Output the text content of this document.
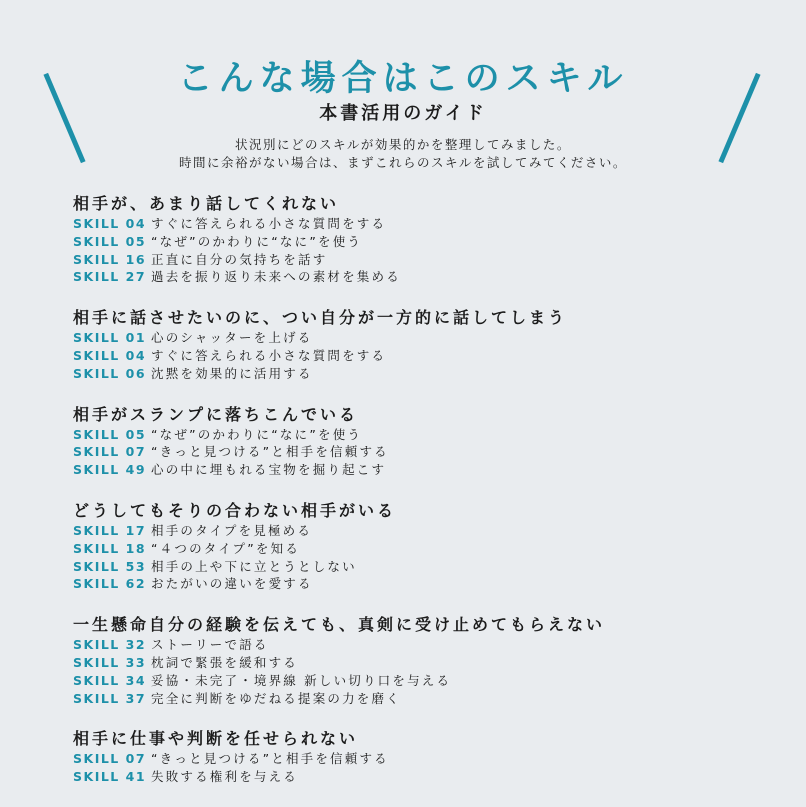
こんな場合はこのスキル
本書活用のガイド
状況別にどのスキルが効果的かを整理してみました。
時間に余裕がない場合は、まずこれらのスキルを試してみてください。
相手が、あまり話してくれない
SKILL 04 すぐに答えられる小さな質問をする
SKILL 05 “なぜ”のかわりに“なに”を使う
SKILL 16 正直に自分の気持ちを話す
SKILL 27 過去を振り返り未来への素材を集める
相手に話させたいのに、つい自分が一方的に話してしまう
SKILL 01 心のシャッターを上げる
SKILL 04 すぐに答えられる小さな質問をする
SKILL 06 沈黙を効果的に活用する
相手がスランプに落ちこんでいる
SKILL 05 “なぜ”のかわりに“なに”を使う
SKILL 07 “きっと見つける”と相手を信頼する
SKILL 49 心の中に埋もれる宝物を掘り起こす
どうしてもそりの合わない相手がいる
SKILL 17 相手のタイプを見極める
SKILL 18 “４つのタイプ”を知る
SKILL 53 相手の上や下に立とうとしない
SKILL 62 おたがいの違いを愛する
一生懸命自分の経験を伝えても、真剣に受け止めてもらえない
SKILL 32 ストーリーで語る
SKILL 33 枕詞で緊張を緩和する
SKILL 34 妥協・未完了・境界線 新しい切り口を与える
SKILL 37 完全に判断をゆだねる提案の力を磨く
相手に仕事や判断を任せられない
SKILL 07 “きっと見つける”と相手を信頼する
SKILL 41 失敗する権利を与える
